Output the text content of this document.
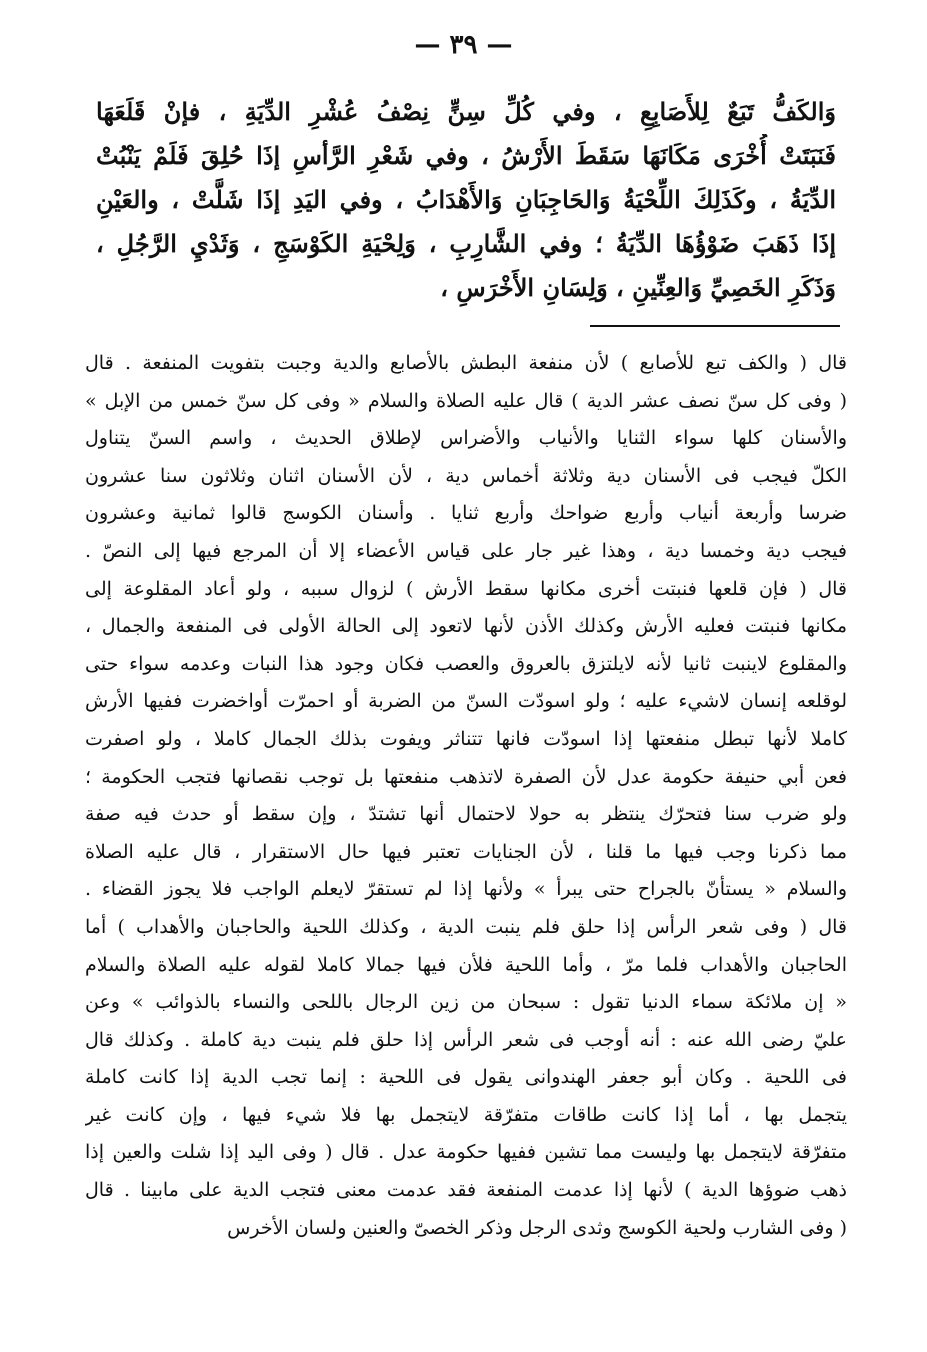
— ٣٩ —
وَالكَفُّ تَبَعٌ لِلأَصَابِعِ ، وفي كُلِّ سِنٍّ نِصْفُ عُشْرِ الدِّيَةِ ، فإنْ قَلَعَهَا
فَنَبَتَتْ أُخْرَى مَكَانَهَا سَقَطَ الأَرْشُ ، وفي شَعْرِ الرَّأسِ إذَا حُلِقَ فَلَمْ يَنْبُتْ
الدِّيَةُ ، وكَذَلِكَ اللِّحْيَةُ وَالحَاجِبَانِ وَالأَهْدَابُ ، وفي اليَدِ إذَا شَلَّتْ ، والعَيْنِ
إذَا ذَهَبَ ضَوْؤُهَا الدِّيَةُ ؛ وفي الشَّارِبِ ، وَلِحْيَةِ الكَوْسَجِ ، وَثَدْيِ الرَّجُلِ ،
وَذَكَرِ الخَصِيِّ وَالعِنِّينِ ، وَلِسَانِ الأَخْرَسِ ،
قال ( والكف تبع للأصابع ) لأن منفعة البطش بالأصابع والدية وجبت بتفويت المنفعة . قال
( وفى كل سنّ نصف عشر الدية ) قال عليه الصلاة والسلام « وفى كل سنّ خمس من الإبل »
والأسنان كلها سواء الثنايا والأنياب والأضراس لإطلاق الحديث ، واسم السنّ يتناول
الكلّ فيجب فى الأسنان دية وثلاثة أخماس دية ، لأن الأسنان اثنان وثلاثون سنا عشرون
ضرسا وأربعة أنياب وأربع ضواحك وأربع ثنايا . وأسنان الكوسج قالوا ثمانية وعشرون
فيجب دية وخمسا دية ، وهذا غير جار على قياس الأعضاء إلا أن المرجع فيها إلى النصّ .
قال ( فإن قلعها فنبتت أخرى مكانها سقط الأرش ) لزوال سببه ، ولو أعاد المقلوعة إلى
مكانها فنبتت فعليه الأرش وكذلك الأذن لأنها لاتعود إلى الحالة الأولى فى المنفعة والجمال ،
والمقلوع لاينبت ثانيا لأنه لايلتزق بالعروق والعصب فكان وجود هذا النبات وعدمه سواء حتى
لوقلعه إنسان لاشيء عليه ؛ ولو اسودّت السنّ من الضربة أو احمرّت أواخضرت ففيها الأرش
كاملا لأنها تبطل منفعتها إذا اسودّت فانها تتناثر ويفوت بذلك الجمال كاملا ، ولو اصفرت
فعن أبي حنيفة حكومة عدل لأن الصفرة لاتذهب منفعتها بل توجب نقصانها فتجب الحكومة ؛
ولو ضرب سنا فتحرّك ينتظر به حولا لاحتمال أنها تشتدّ ، وإن سقط أو حدث فيه صفة
مما ذكرنا وجب فيها ما قلنا ، لأن الجنايات تعتبر فيها حال الاستقرار ، قال عليه الصلاة
والسلام « يستأنّ بالجراح حتى يبرأ » ولأنها إذا لم تستقرّ لايعلم الواجب فلا يجوز القضاء .
قال ( وفى شعر الرأس إذا حلق فلم ينبت الدية ، وكذلك اللحية والحاجبان والأهداب ) أما
الحاجبان والأهداب فلما مرّ ، وأما اللحية فلأن فيها جمالا كاملا لقوله عليه الصلاة والسلام
« إن ملائكة سماء الدنيا تقول : سبحان من زين الرجال باللحى والنساء بالذوائب » وعن
عليّ رضى الله عنه : أنه أوجب فى شعر الرأس إذا حلق فلم ينبت دية كاملة . وكذلك قال
فى اللحية . وكان أبو جعفر الهندوانى يقول فى اللحية : إنما تجب الدية إذا كانت كاملة
يتجمل بها ، أما إذا كانت طاقات متفرّقة لايتجمل بها فلا شيء فيها ، وإن كانت غير
متفرّقة لايتجمل بها وليست مما تشين ففيها حكومة عدل . قال ( وفى اليد إذا شلت والعين إذا
ذهب ضوؤها الدية ) لأنها إذا عدمت المنفعة فقد عدمت معنى فتجب الدية على مابينا . قال
( وفى الشارب ولحية الكوسج وثدى الرجل وذكر الخصىّ والعنين ولسان الأخرس
